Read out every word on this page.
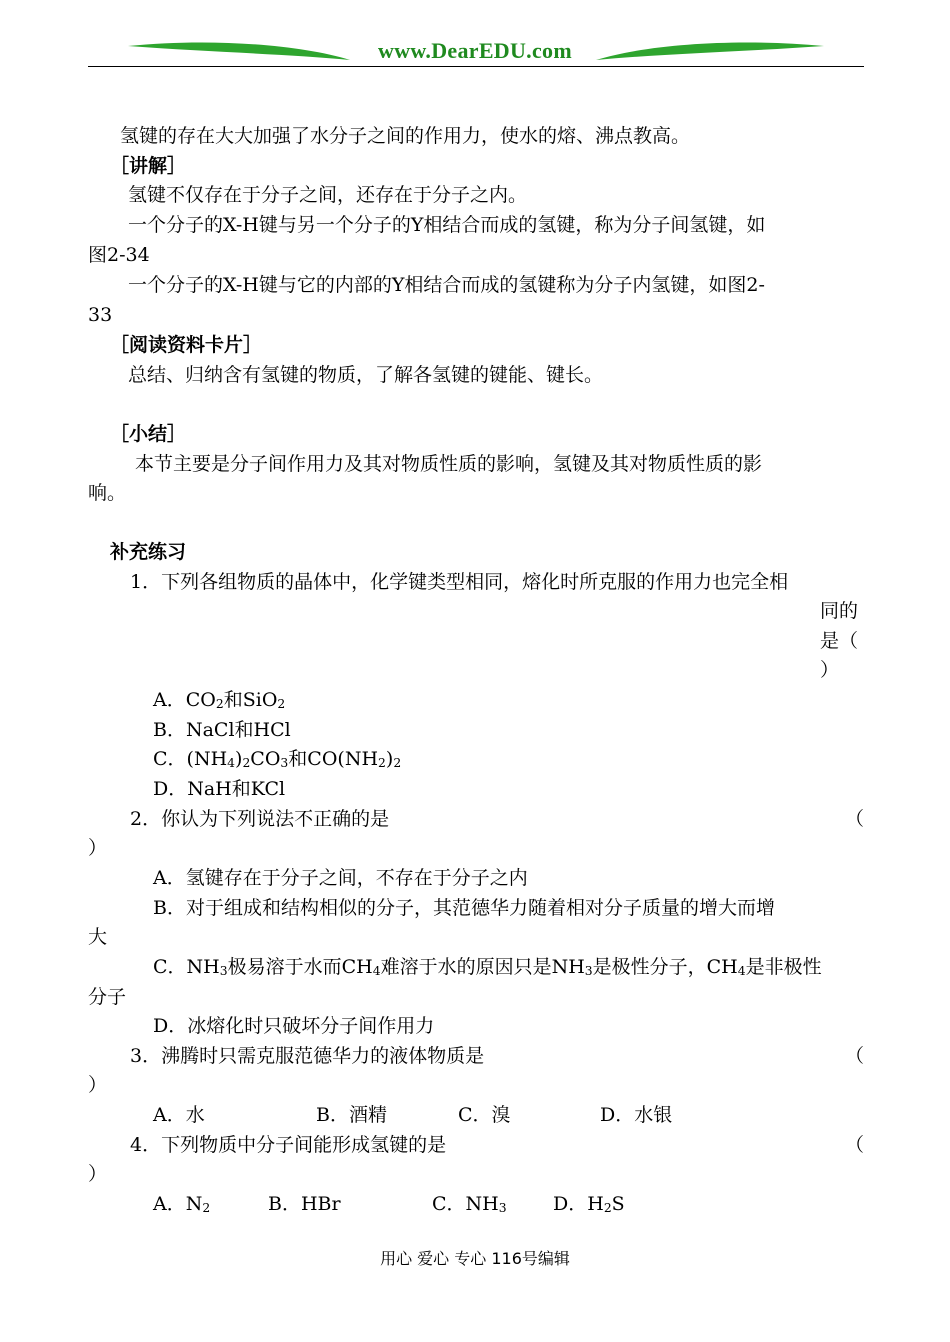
www.DearEDU.com
氢键的存在大大加强了水分子之间的作用力，使水的熔、沸点教高。
［讲解］
氢键不仅存在于分子之间，还存在于分子之内。
一个分子的X-H键与另一个分子的Y相结合而成的氢键，称为分子间氢键，如
图2-34
一个分子的X-H键与它的内部的Y相结合而成的氢键称为分子内氢键，如图2-
33
［阅读资料卡片］
总结、归纳含有氢键的物质，了解各氢键的键能、键长。
［小结］
本节主要是分子间作用力及其对物质性质的影响，氢键及其对物质性质的影
响。
补充练习
1．下列各组物质的晶体中，化学键类型相同，熔化时所克服的作用力也完全相
同的
是（
）
A．$CO_2$和SiO$_2$
B．NaCl和HCl
C．$(NH_4)_2CO_3$和$CO(NH_2)_2$
D．NaH和KCl
2．你认为下列说法不正确的是	（
）
A．氢键存在于分子之间，不存在于分子之内
B．对于组成和结构相似的分子，其范德华力随着相对分子质量的增大而增
大
C．$NH_3$极易溶于水而$CH_4$难溶于水的原因只是$NH_3$是极性分子，$CH_4$是非极性
分子
D．冰熔化时只破坏分子间作用力
3．沸腾时只需克服范德华力的液体物质是	（
）
A．水	B．酒精	C．溴	D．水银
4．下列物质中分子间能形成氢键的是	（
）
A．$N_2$	B．HBr	C．$NH_3$ D．$H_2S$
用心 爱心 专心 116号编辑
